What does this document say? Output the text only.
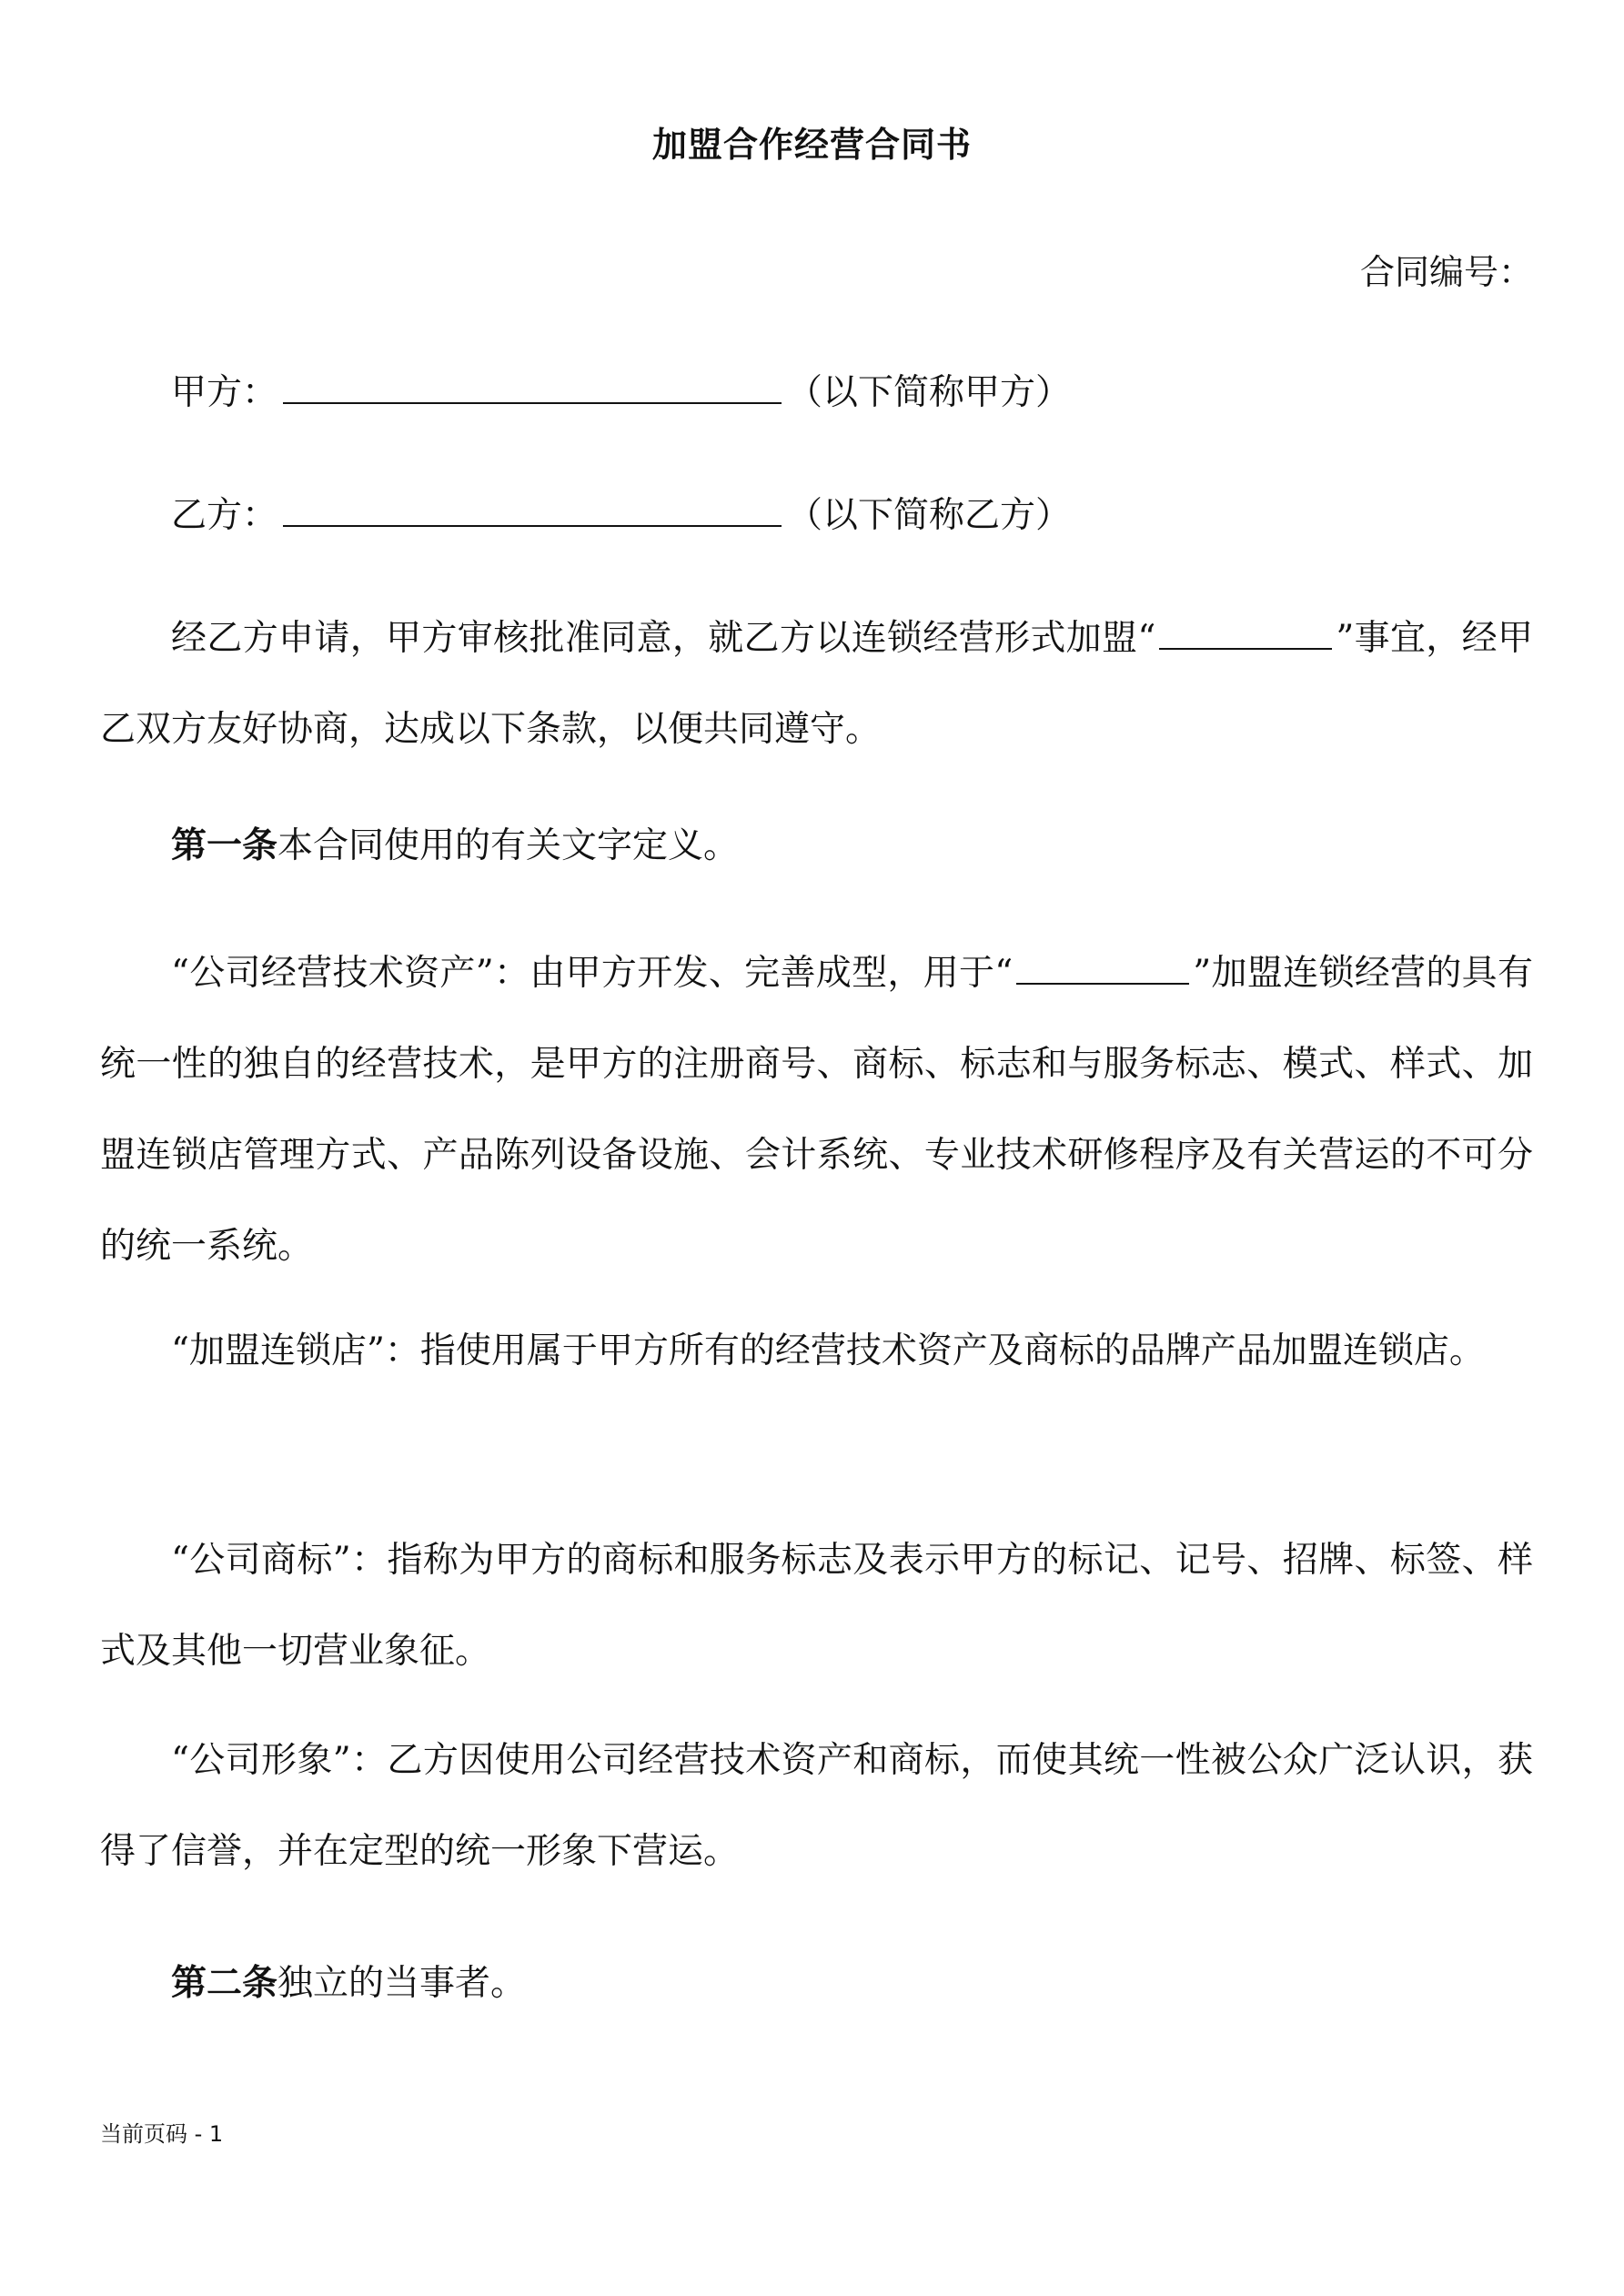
加盟合作经营合同书
合同编号：
甲方：	（以下简称甲方）
乙方：	（以下简称乙方）
经乙方申请，甲方审核批准同意，就乙方以连锁经营形式加盟“	”事宜，经甲乙双方友好协商，达成以下条款，以便共同遵守。
第一条本合同使用的有关文字定义。
“公司经营技术资产”：由甲方开发、完善成型，用于“	”加盟连锁经营的具有统一性的独自的经营技术，是甲方的注册商号、商标、标志和与服务标志、模式、样式、加盟连锁店管理方式、产品陈列设备设施、会计系统、专业技术研修程序及有关营运的不可分的统一系统。
“加盟连锁店”：指使用属于甲方所有的经营技术资产及商标的品牌产品加盟连锁店。
“公司商标”：指称为甲方的商标和服务标志及表示甲方的标记、记号、招牌、标签、样式及其他一切营业象征。
“公司形象”：乙方因使用公司经营技术资产和商标，而使其统一性被公众广泛认识，获得了信誉，并在定型的统一形象下营运。
第二条独立的当事者。
当前页码 - 1
